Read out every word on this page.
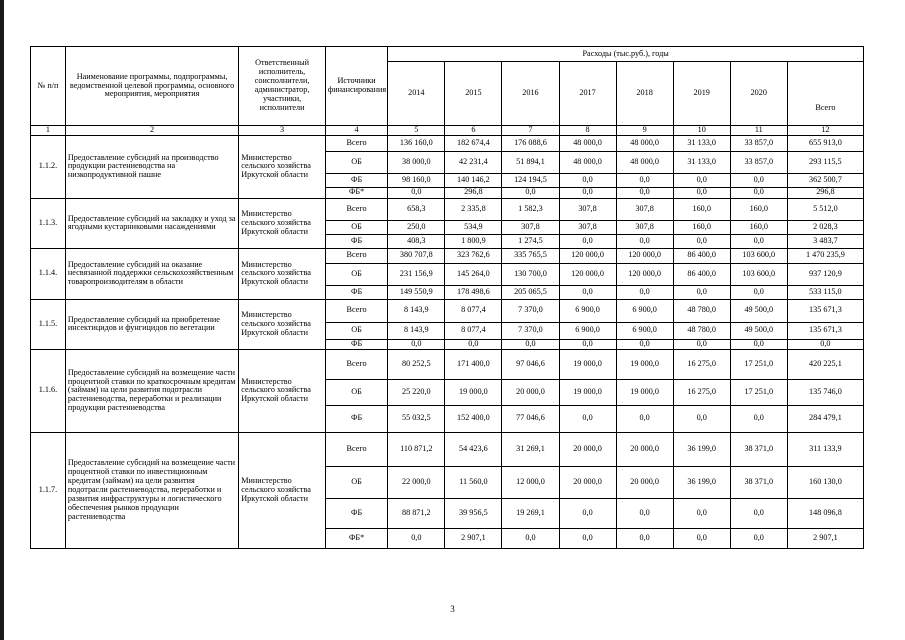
№ п/п	Наименование программы, подпрограммы, ведомственной целевой программы, основного мероприятия, мероприятия	Ответственный исполнитель, соисполнители, администратор, участники, исполнители	Источники финансирования	Расходы (тыс.руб.), годы							
				2014	2015	2016	2017	2018	2019	2020	Всего
1	2	3	4	5	6	7	8	9	10	11	12
1.1.2.	Предоставление субсидий на производство продукции растениеводства на низкопродуктивной пашне	Министерство сельского хозяйства Иркутской области	Всего	136 160,0	182 674,4	176 088,6	48 000,0	48 000,0	31 133,0	33 857,0	655 913,0
			ОБ	38 000,0	42 231,4	51 894,1	48 000,0	48 000,0	31 133,0	33 857,0	293 115,5
			ФБ	98 160,0	140 146,2	124 194,5	0,0	0,0	0,0	0,0	362 500,7
			ФБ*	0,0	296,8	0,0	0,0	0,0	0,0	0,0	296,8
1.1.3.	Предоставление субсидий на закладку и уход за ягодными кустарниковыми насаждениями	Министерство сельского хозяйства Иркутской области	Всего	658,3	2 335,8	1 582,3	307,8	307,8	160,0	160,0	5 512,0
			ОБ	250,0	534,9	307,8	307,8	307,8	160,0	160,0	2 028,3
			ФБ	408,3	1 800,9	1 274,5	0,0	0,0	0,0	0,0	3 483,7
1.1.4.	Предоставление субсидий на оказание несвязанной поддержки сельскохозяйственным товаропроизводителям в области	Министерство сельского хозяйства Иркутской области	Всего	380 707,8	323 762,6	335 765,5	120 000,0	120 000,0	86 400,0	103 600,0	1 470 235,9
			ОБ	231 156,9	145 264,0	130 700,0	120 000,0	120 000,0	86 400,0	103 600,0	937 120,9
			ФБ	149 550,9	178 498,6	205 065,5	0,0	0,0	0,0	0,0	533 115,0
1.1.5.	Предоставление субсидий на приобретение инсектицидов и фунгицидов по вегетации	Министерство сельского хозяйства Иркутской области	Всего	8 143,9	8 077,4	7 370,0	6 900,0	6 900,0	48 780,0	49 500,0	135 671,3
			ОБ	8 143,9	8 077,4	7 370,0	6 900,0	6 900,0	48 780,0	49 500,0	135 671,3
			ФБ	0,0	0,0	0,0	0,0	0,0	0,0	0,0	0,0
1.1.6.	Предоставление субсидий на возмещение части процентной ставки по краткосрочным кредитам (займам) на цели развития подотрасли растениеводства, переработки и реализации продукции растениеводства	Министерство сельского хозяйства Иркутской области	Всего	80 252,5	171 400,0	97 046,6	19 000,0	19 000,0	16 275,0	17 251,0	420 225,1
			ОБ	25 220,0	19 000,0	20 000,0	19 000,0	19 000,0	16 275,0	17 251,0	135 746,0
			ФБ	55 032,5	152 400,0	77 046,6	0,0	0,0	0,0	0,0	284 479,1
1.1.7.	Предоставление субсидий на возмещение части процентной ставки по инвестиционным кредитам (займам) на цели развития подотрасли растениеводства, переработки и развития инфраструктуры и логистического обеспечения рынков продукции растениеводства	Министерство сельского хозяйства Иркутской области	Всего	110 871,2	54 423,6	31 269,1	20 000,0	20 000,0	36 199,0	38 371,0	311 133,9
			ОБ	22 000,0	11 560,0	12 000,0	20 000,0	20 000,0	36 199,0	38 371,0	160 130,0
			ФБ	88 871,2	39 956,5	19 269,1	0,0	0,0	0,0	0,0	148 096,8
			ФБ*	0,0	2 907,1	0,0	0,0	0,0	0,0	0,0	2 907,1
3
